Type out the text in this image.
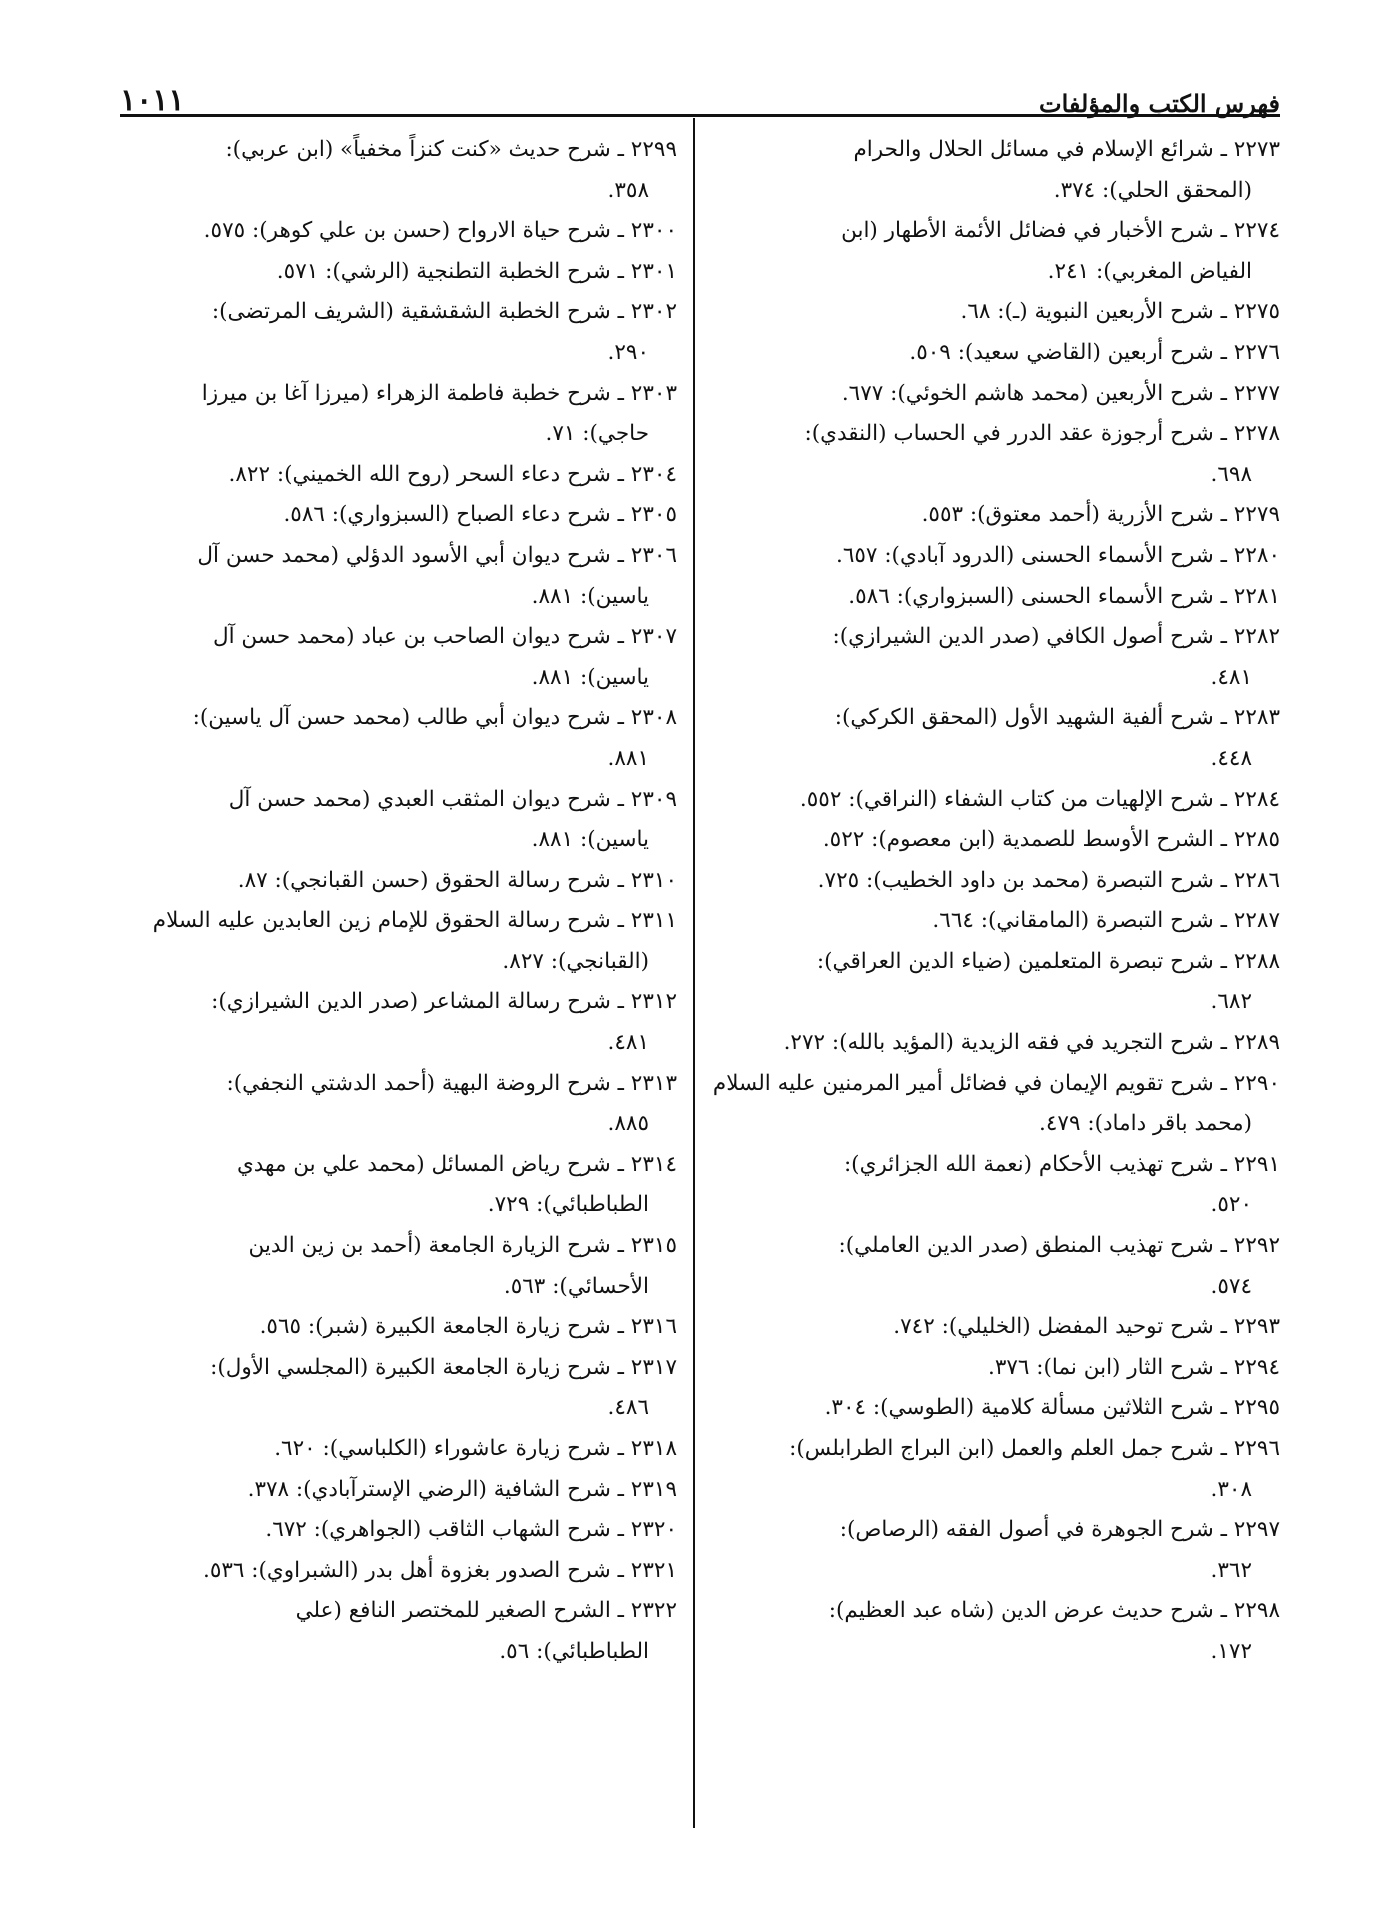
فهرس الكتب والمؤلفات
١٠١١
٢٢٧٣ ـ شرائع الإسلام في مسائل الحلال والحرام
(المحقق الحلي): ٣٧٤.
٢٢٧٤ ـ شرح الأخبار في فضائل الأئمة الأطهار (ابن
الفياض المغربي): ٢٤١.
٢٢٧٥ ـ شرح الأربعين النبوية (ـ): ٦٨.
٢٢٧٦ ـ شرح أربعين (القاضي سعيد): ٥٠٩.
٢٢٧٧ ـ شرح الأربعين (محمد هاشم الخوئي): ٦٧٧.
٢٢٧٨ ـ شرح أرجوزة عقد الدرر في الحساب (النقدي):
٦٩٨.
٢٢٧٩ ـ شرح الأزرية (أحمد معتوق): ٥٥٣.
٢٢٨٠ ـ شرح الأسماء الحسنى (الدرود آبادي): ٦٥٧.
٢٢٨١ ـ شرح الأسماء الحسنى (السبزواري): ٥٨٦.
٢٢٨٢ ـ شرح أصول الكافي (صدر الدين الشيرازي):
٤٨١.
٢٢٨٣ ـ شرح ألفية الشهيد الأول (المحقق الكركي):
٤٤٨.
٢٢٨٤ ـ شرح الإلهيات من كتاب الشفاء (النراقي): ٥٥٢.
٢٢٨٥ ـ الشرح الأوسط للصمدية (ابن معصوم): ٥٢٢.
٢٢٨٦ ـ شرح التبصرة (محمد بن داود الخطيب): ٧٢٥.
٢٢٨٧ ـ شرح التبصرة (المامقاني): ٦٦٤.
٢٢٨٨ ـ شرح تبصرة المتعلمين (ضياء الدين العراقي):
٦٨٢.
٢٢٨٩ ـ شرح التجريد في فقه الزيدية (المؤيد بالله): ٢٧٢.
٢٢٩٠ ـ شرح تقويم الإيمان في فضائل أمير المرمنين عليه السلام
(محمد باقر داماد): ٤٧٩.
٢٢٩١ ـ شرح تهذيب الأحكام (نعمة الله الجزائري):
٥٢٠.
٢٢٩٢ ـ شرح تهذيب المنطق (صدر الدين العاملي):
٥٧٤.
٢٢٩٣ ـ شرح توحيد المفضل (الخليلي): ٧٤٢.
٢٢٩٤ ـ شرح الثار (ابن نما): ٣٧٦.
٢٢٩٥ ـ شرح الثلاثين مسألة كلامية (الطوسي): ٣٠٤.
٢٢٩٦ ـ شرح جمل العلم والعمل (ابن البراج الطرابلس):
٣٠٨.
٢٢٩٧ ـ شرح الجوهرة في أصول الفقه (الرصاص):
٣٦٢.
٢٢٩٨ ـ شرح حديث عرض الدين (شاه عبد العظيم):
١٧٢.
٢٢٩٩ ـ شرح حديث «كنت كنزاً مخفياً» (ابن عربي):
٣٥٨.
٢٣٠٠ ـ شرح حياة الارواح (حسن بن علي كوهر): ٥٧٥.
٢٣٠١ ـ شرح الخطبة التطنجية (الرشي): ٥٧١.
٢٣٠٢ ـ شرح الخطبة الشقشقية (الشريف المرتضى):
٢٩٠.
٢٣٠٣ ـ شرح خطبة فاطمة الزهراء (ميرزا آغا بن ميرزا
حاجي): ٧١.
٢٣٠٤ ـ شرح دعاء السحر (روح الله الخميني): ٨٢٢.
٢٣٠٥ ـ شرح دعاء الصباح (السبزواري): ٥٨٦.
٢٣٠٦ ـ شرح ديوان أبي الأسود الدؤلي (محمد حسن آل
ياسين): ٨٨١.
٢٣٠٧ ـ شرح ديوان الصاحب بن عباد (محمد حسن آل
ياسين): ٨٨١.
٢٣٠٨ ـ شرح ديوان أبي طالب (محمد حسن آل ياسين):
٨٨١.
٢٣٠٩ ـ شرح ديوان المثقب العبدي (محمد حسن آل
ياسين): ٨٨١.
٢٣١٠ ـ شرح رسالة الحقوق (حسن القبانجي): ٨٧.
٢٣١١ ـ شرح رسالة الحقوق للإمام زين العابدين عليه السلام
(القبانجي): ٨٢٧.
٢٣١٢ ـ شرح رسالة المشاعر (صدر الدين الشيرازي):
٤٨١.
٢٣١٣ ـ شرح الروضة البهية (أحمد الدشتي النجفي):
٨٨٥.
٢٣١٤ ـ شرح رياض المسائل (محمد علي بن مهدي
الطباطبائي): ٧٢٩.
٢٣١٥ ـ شرح الزيارة الجامعة (أحمد بن زين الدين
الأحسائي): ٥٦٣.
٢٣١٦ ـ شرح زيارة الجامعة الكبيرة (شبر): ٥٦٥.
٢٣١٧ ـ شرح زيارة الجامعة الكبيرة (المجلسي الأول):
٤٨٦.
٢٣١٨ ـ شرح زيارة عاشوراء (الكلباسي): ٦٢٠.
٢٣١٩ ـ شرح الشافية (الرضي الإسترآبادي): ٣٧٨.
٢٣٢٠ ـ شرح الشهاب الثاقب (الجواهري): ٦٧٢.
٢٣٢١ ـ شرح الصدور بغزوة أهل بدر (الشبراوي): ٥٣٦.
٢٣٢٢ ـ الشرح الصغير للمختصر النافع (علي
الطباطبائي): ٥٦.
